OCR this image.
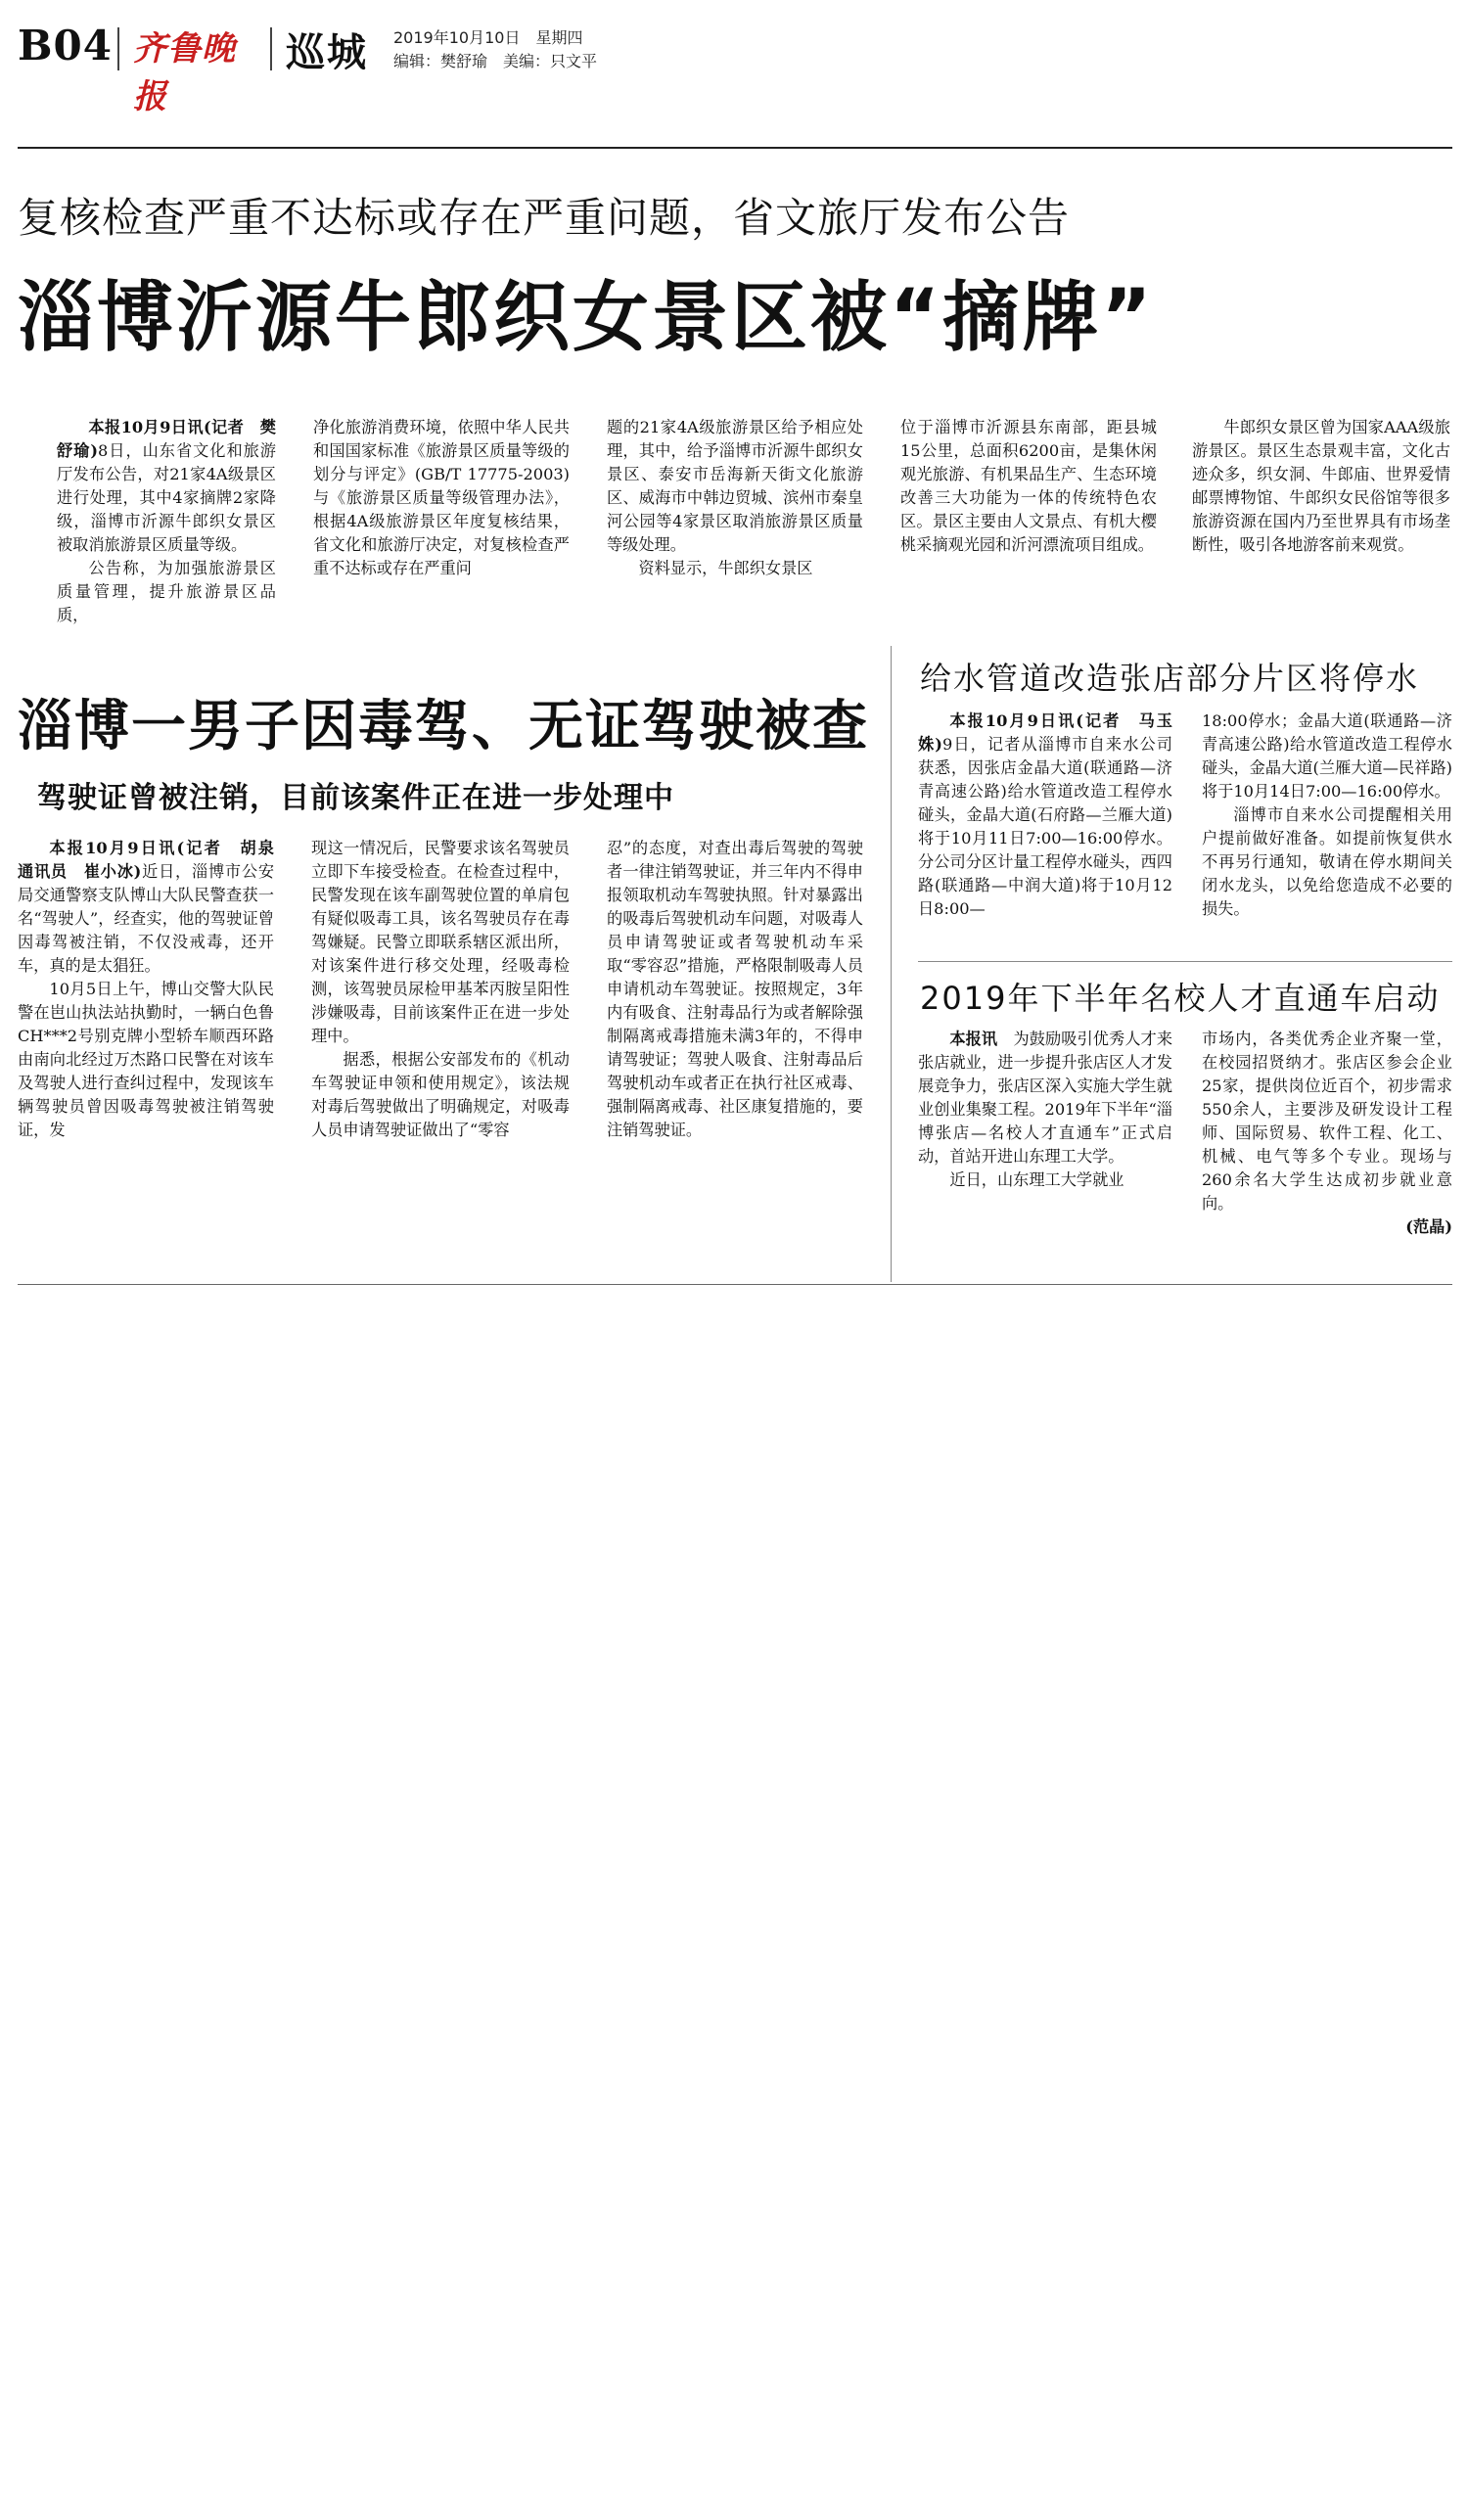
B04 齐鲁晚报
巡城 2019年10月10日　星期四
编辑：樊舒瑜　美编：只文平
复核检查严重不达标或存在严重问题，省文旅厅发布公告
淄博沂源牛郎织女景区被“摘牌”

本报10月9日讯(记者　樊舒瑜)8日，山东省文化和旅游厅发布公告，对21家4A级景区进行处理，其中4家摘牌2家降级，淄博市沂源牛郎织女景区被取消旅游景区质量等级。

公告称，为加强旅游景区质量管理，提升旅游景区品质，

净化旅游消费环境，依照中华人民共和国国家标准《旅游景区质量等级的划分与评定》(GB/T 17775-2003)与《旅游景区质量等级管理办法》，根据4A级旅游景区年度复核结果，省文化和旅游厅决定，对复核检查严重不达标或存在严重问

题的21家4A级旅游景区给予相应处理，其中，给予淄博市沂源牛郎织女景区、泰安市岳海新天街文化旅游区、威海市中韩边贸城、滨州市秦皇河公园等4家景区取消旅游景区质量等级处理。

资料显示，牛郎织女景区

位于淄博市沂源县东南部，距县城15公里，总面积6200亩，是集休闲观光旅游、有机果品生产、生态环境改善三大功能为一体的传统特色农区。景区主要由人文景点、有机大樱桃采摘观光园和沂河漂流项目组成。

牛郎织女景区曾为国家AAA级旅游景区。景区生态景观丰富，文化古迹众多，织女洞、牛郎庙、世界爱情邮票博物馆、牛郎织女民俗馆等很多旅游资源在国内乃至世界具有市场垄断性，吸引各地游客前来观赏。

淄博一男子因毒驾、无证驾驶被查
驾驶证曾被注销，目前该案件正在进一步处理中

本报10月9日讯(记者　胡泉　通讯员　崔小冰)近日，淄博市公安局交通警察支队博山大队民警查获一名“驾驶人”，经查实，他的驾驶证曾因毒驾被注销，不仅没戒毒，还开车，真的是太猖狂。

10月5日上午，博山交警大队民警在岜山执法站执勤时，一辆白色鲁CH***2号别克牌小型轿车顺西环路由南向北经过万杰路口民警在对该车及驾驶人进行查纠过程中，发现该车辆驾驶员曾因吸毒驾驶被注销驾驶证，发

现这一情况后，民警要求该名驾驶员立即下车接受检查。在检查过程中，民警发现在该车副驾驶位置的单肩包有疑似吸毒工具，该名驾驶员存在毒驾嫌疑。民警立即联系辖区派出所，对该案件进行移交处理，经吸毒检测，该驾驶员尿检甲基苯丙胺呈阳性涉嫌吸毒，目前该案件正在进一步处理中。

据悉，根据公安部发布的《机动车驾驶证申领和使用规定》，该法规对毒后驾驶做出了明确规定，对吸毒人员申请驾驶证做出了“零容

忍”的态度，对查出毒后驾驶的驾驶者一律注销驾驶证，并三年内不得申报领取机动车驾驶执照。针对暴露出的吸毒后驾驶机动车问题，对吸毒人员申请驾驶证或者驾驶机动车采取“零容忍”措施，严格限制吸毒人员申请机动车驾驶证。按照规定，3年内有吸食、注射毒品行为或者解除强制隔离戒毒措施未满3年的，不得申请驾驶证；驾驶人吸食、注射毒品后驾驶机动车或者正在执行社区戒毒、强制隔离戒毒、社区康复措施的，要注销驾驶证。

给水管道改造张店部分片区将停水

本报10月9日讯(记者　马玉姝)9日，记者从淄博市自来水公司获悉，因张店金晶大道(联通路—济青高速公路)给水管道改造工程停水碰头，金晶大道(石府路—兰雁大道)将于10月11日7:00—16:00停水。分公司分区计量工程停水碰头，西四路(联通路—中润大道)将于10月12日8:00—

18:00停水；金晶大道(联通路—济青高速公路)给水管道改造工程停水碰头，金晶大道(兰雁大道—民祥路)将于10月14日7:00—16:00停水。

淄博市自来水公司提醒相关用户提前做好准备。如提前恢复供水不再另行通知，敬请在停水期间关闭水龙头，以免给您造成不必要的损失。

2019年下半年名校人才直通车启动

本报讯　 为鼓励吸引优秀人才来张店就业，进一步提升张店区人才发展竞争力，张店区深入实施大学生就业创业集聚工程。2019年下半年“淄博张店—名校人才直通车”正式启动，首站开进山东理工大学。

近日，山东理工大学就业

市场内，各类优秀企业齐聚一堂，在校园招贤纳才。张店区参会企业25家，提供岗位近百个，初步需求550余人，主要涉及研发设计工程师、国际贸易、软件工程、化工、机械、电气等多个专业。现场与260余名大学生达成初步就业意向。

(范晶)
